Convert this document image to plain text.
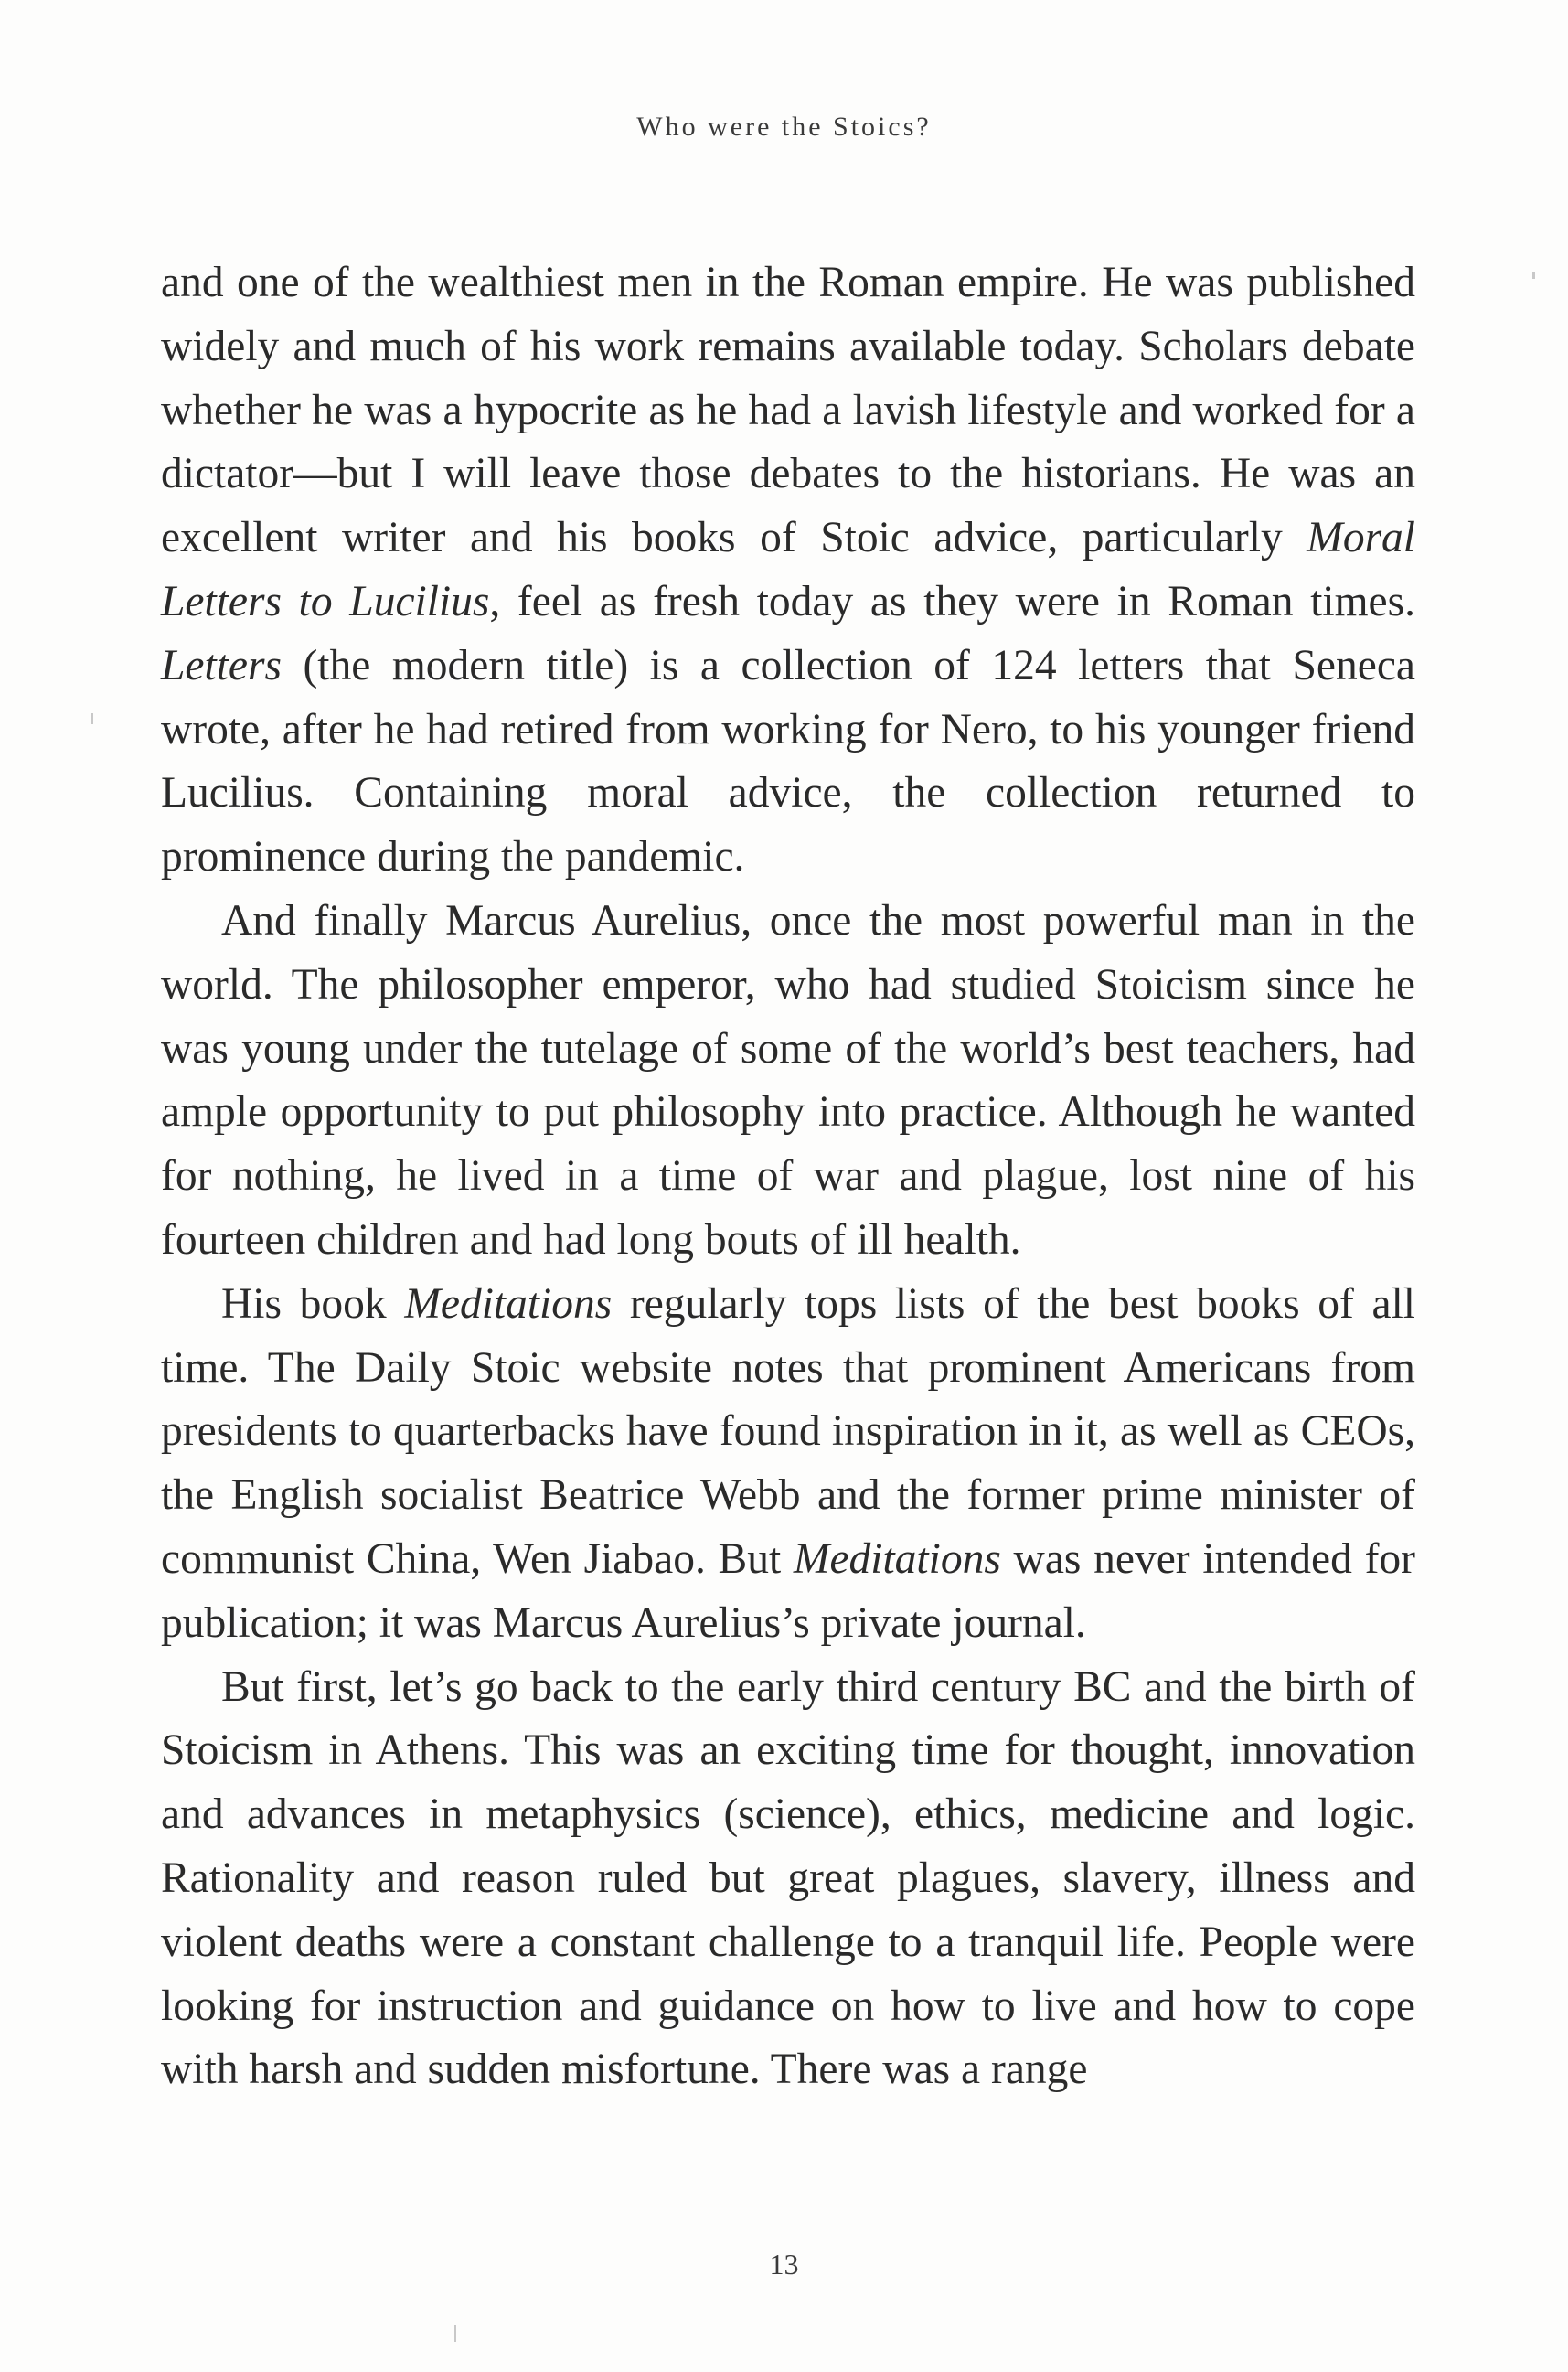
Who were the Stoics?

and one of the wealthiest men in the Roman empire. He was published widely and much of his work remains available today. Scholars debate whether he was a hypocrite as he had a lavish lifestyle and worked for a dictator—but I will leave those debates to the historians. He was an excellent writer and his books of Stoic advice, particularly Moral Letters to Lucilius, feel as fresh today as they were in Roman times. Letters (the modern title) is a collection of 124 letters that Seneca wrote, after he had retired from working for Nero, to his younger friend Lucilius. Containing moral advice, the collection returned to prominence during the pandemic.

And finally Marcus Aurelius, once the most powerful man in the world. The philosopher emperor, who had studied Stoicism since he was young under the tutelage of some of the world’s best teachers, had ample opportunity to put philosophy into practice. Although he wanted for nothing, he lived in a time of war and plague, lost nine of his fourteen children and had long bouts of ill health.

His book Meditations regularly tops lists of the best books of all time. The Daily Stoic website notes that prominent Americans from presidents to quarterbacks have found inspiration in it, as well as CEOs, the English socialist Beatrice Webb and the former prime minister of communist China, Wen Jiabao. But Meditations was never intended for publication; it was Marcus Aurelius’s private journal.

But first, let’s go back to the early third century BC and the birth of Stoicism in Athens. This was an exciting time for thought, innovation and advances in metaphysics (science), ethics, medicine and logic. Rationality and reason ruled but great plagues, slavery, illness and violent deaths were a constant challenge to a tranquil life. People were looking for instruction and guidance on how to live and how to cope with harsh and sudden misfortune. There was a range

13
